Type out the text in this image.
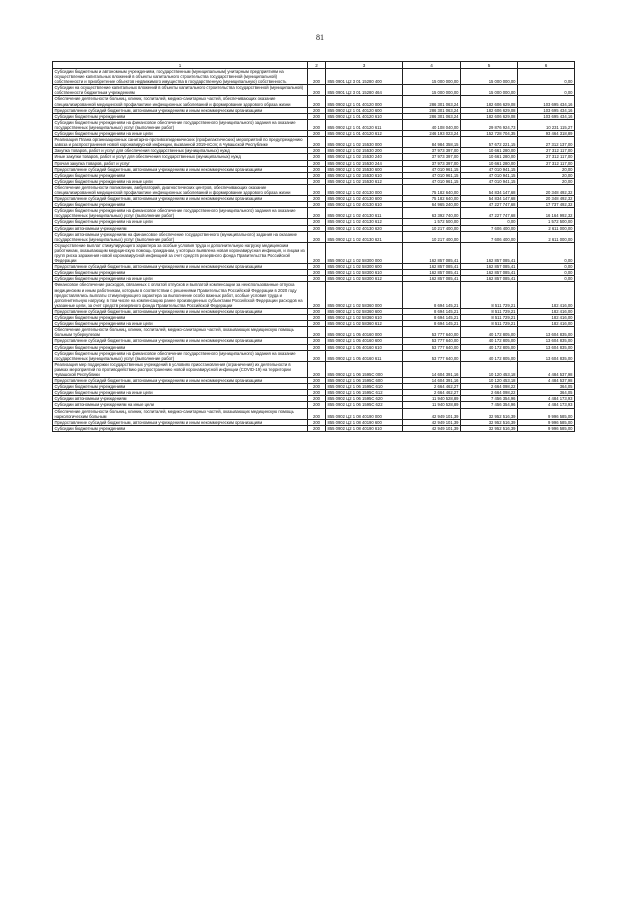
81
1	2	3	4	5	6
Субсидии бюджетным и автономным учреждениям, государственным (муниципальным) унитарным предприятиям на осуществление капитальных вложений в объекты капитального строительства государственной (муниципальной) собственности и приобретение объектов недвижимого имущества в государственную (муниципальную) собственность	200	855 0901 Ц2 3 01 15280 400	15 000 000,00	15 000 000,00	0,00
Субсидии на осуществление капитальных вложений в объекты капитального строительства государственной (муниципальной) собственности бюджетным учреждениям	200	855 0901 Ц2 3 01 15280 464	15 000 000,00	15 000 000,00	0,00
Обеспечение деятельности больниц, клиник, госпиталей, медико-санитарных частей, обеспечивающих оказание специализированной медицинской профилактике инфекционных заболеваний и формирование здорового образа жизни	200	855 0902 Ц2 1 01 40120 000	286 301 063,24	182 606 629,08	103 695 434,16
Предоставление субсидий бюджетным, автономным учреждениям и иным некоммерческим организациям	200	855 0902 Ц2 1 01 40120 600	286 301 063,24	182 606 629,08	103 695 434,16
Субсидии бюджетным учреждениям	200	855 0902 Ц2 1 01 40120 610	286 301 063,24	182 606 629,08	103 695 434,16
Субсидии бюджетным учреждениям на финансовое обеспечение государственного (муниципального) задания на оказание государственных (муниципальных) услуг (выполнение работ)	200	855 0902 Ц2 1 01 40120 611	40 108 040,00	29 876 924,73	10 231 115,27
Субсидии бюджетным учреждениям на иные цели	200	855 0902 Ц2 1 01 40120 612	246 193 023,24	152 728 704,35	93 464 318,89
Реализация Плана организационных санитарно-противоэпидемических (профилактических) мероприятий по предупреждению завоза и распространения новой коронавирусной инфекции, вызванной 2019-nCoV, в Чувашской Республике	200	855 0902 Ц2 1 02 15530 000	84 984 358,15	57 672 221,15	27 312 137,00
Закупка товаров, работ и услуг для обеспечения государственных (муниципальных) нужд	200	855 0902 Ц2 1 02 15530 200	37 973 397,00	10 661 280,00	27 312 117,00
Иные закупки товаров, работ и услуг для обеспечения государственных (муниципальных) нужд	200	855 0902 Ц2 1 02 15530 240	37 973 397,00	10 661 280,00	27 312 117,00
Прочая закупка товаров, работ и услуг	200	855 0902 Ц2 1 02 15530 244	37 973 397,00	10 661 280,00	27 312 117,00
Предоставление субсидий бюджетным, автономным учреждениям и иным некоммерческим организациям	200	855 0902 Ц2 1 02 15530 600	47 010 961,15	47 010 941,15	20,00
Субсидии бюджетным учреждениям	200	855 0902 Ц2 1 02 15530 610	47 010 961,15	47 010 941,15	20,00
Субсидии бюджетным учреждениям на иные цели	200	855 0902 Ц2 1 02 15530 612	47 010 961,15	47 010 941,15	20,00
Обеспечение деятельности поликлиник, амбулаторий, диагностических центров, обеспечивающих оказание специализированной медицинской профилактике инфекционных заболеваний и формирование здорового образа жизни	200	855 0902 Ц2 1 02 40130 000	75 182 640,00	54 834 147,68	20 348 492,32
Предоставление субсидий бюджетным, автономным учреждениям и иным некоммерческим организациям	200	855 0902 Ц2 1 02 40130 600	75 182 640,00	54 834 147,68	20 348 492,32
Субсидии бюджетным учреждениям	200	855 0902 Ц2 1 02 40130 610	64 965 240,00	47 227 747,68	17 737 492,32
Субсидии бюджетным учреждениям на финансовое обеспечение государственного (муниципального) задания на оказание государственных (муниципальных) услуг (выполнение работ)	200	855 0902 Ц2 1 02 40130 611	63 392 740,00	47 227 747,68	16 164 992,32
Субсидии бюджетным учреждениям на иные цели	200	855 0902 Ц2 1 02 40130 612	1 572 500,00	0,00	1 572 500,00
Субсидии автономным учреждениям	200	855 0902 Ц2 1 02 40130 620	10 217 400,00	7 606 400,00	2 611 000,00
Субсидии автономным учреждениям на финансовое обеспечение государственного (муниципального) задания на оказание государственных (муниципальных) услуг (выполнение работ)	200	855 0902 Ц2 1 02 40130 621	10 217 400,00	7 606 400,00	2 611 000,00
Осуществление выплат стимулирующего характера за особые условия труда и дополнительную нагрузку медицинским работникам, оказывающим медицинскую помощь гражданам, у которых выявлена новая коронавирусная инфекция, и лицам из групп риска заражения новой коронавирусной инфекцией за счет средств резервного фонда Правительства Российской Федерации	200	855 0902 Ц2 1 02 58300 000	162 857 085,41	162 857 085,41	0,00
Предоставление субсидий бюджетным, автономным учреждениям и иным некоммерческим организациям	200	855 0902 Ц2 1 02 58300 600	162 857 085,41	162 857 085,41	0,00
Субсидии бюджетным учреждениям	200	855 0902 Ц2 1 02 58300 610	162 857 085,41	162 857 085,41	0,00
Субсидии бюджетным учреждениям на иные цели	200	855 0902 Ц2 1 02 58300 612	162 857 085,41	162 857 085,41	0,00
Финансовое обеспечение расходов, связанных с оплатой отпусков и выплатой компенсации за неиспользованные отпуска медицинским и иным работникам, которым в соответствии с решениями Правительства Российской Федерации в 2020 году предоставлялись выплаты стимулирующего характера за выполнение особо важных работ, особые условия труда и дополнительную нагрузку, в том числе на компенсацию ранее произведенных субъектами Российской Федерации расходов на указанные цели, за счет средств резервного фонда Правительства Российской Федерации	200	855 0902 Ц2 1 02 58360 000	8 694 145,21	8 511 729,21	182 416,00
Предоставление субсидий бюджетным, автономным учреждениям и иным некоммерческим организациям	200	855 0902 Ц2 1 02 58360 600	8 694 145,21	8 511 729,21	182 416,00
Субсидии бюджетным учреждениям	200	855 0902 Ц2 1 02 58360 610	8 694 145,21	8 511 729,21	182 416,00
Субсидии бюджетным учреждениям на иные цели	200	855 0902 Ц2 1 02 58360 612	8 694 145,21	8 511 729,21	182 416,00
Обеспечение деятельности больниц, клиник, госпиталей, медико-санитарных частей, оказывающих медицинскую помощь больным туберкулезом	200	855 0902 Ц2 1 05 40160 000	53 777 640,00	40 172 805,00	13 604 835,00
Предоставление субсидий бюджетным, автономным учреждениям и иным некоммерческим организациям	200	855 0902 Ц2 1 05 40160 600	53 777 640,00	40 172 805,00	13 604 835,00
Субсидии бюджетным учреждениям	200	855 0902 Ц2 1 05 40160 610	53 777 640,00	40 172 805,00	13 604 835,00
Субсидии бюджетным учреждениям на финансовое обеспечение государственного (муниципального) задания на оказание государственных (муниципальных) услуг (выполнение работ)	200	855 0902 Ц2 1 05 40160 611	53 777 640,00	40 172 805,00	13 604 835,00
Реализация мер поддержки государственных учреждений в условиях приостановления (ограничения) их деятельности в рамках мероприятий по противодействию распространению новой коронавирусной инфекции (COVID-19) на территории Чувашской Республики	200	855 0902 Ц2 1 06 1595C 000	14 604 391,16	10 120 453,18	4 484 537,98
Предоставление субсидий бюджетным, автономным учреждениям и иным некоммерческим организациям	200	855 0902 Ц2 1 06 1595C 600	14 604 391,16	10 120 453,18	4 484 537,98
Субсидии бюджетным учреждениям	200	855 0902 Ц2 1 06 1595C 610	2 664 462,27	2 664 098,22	364,05
Субсидии бюджетным учреждениям на иные цели	200	855 0902 Ц2 1 06 1595C 612	2 664 462,27	2 664 098,22	364,05
Субсидии автономным учреждениям	200	855 0902 Ц2 1 06 1595C 620	11 940 528,89	7 456 354,96	4 484 173,93
Субсидии автономным учреждениям на иные цели	200	855 0902 Ц2 1 06 1595C 622	11 940 528,89	7 456 354,96	4 484 173,93
Обеспечение деятельности больниц, клиник, госпиталей, медико-санитарных частей, оказывающих медицинскую помощь наркологическим больным	200	855 0902 Ц2 1 08 40190 000	42 949 101,39	32 952 516,39	9 996 585,00
Предоставление субсидий бюджетным, автономным учреждениям и иным некоммерческим организациям	200	855 0902 Ц2 1 08 40190 600	42 949 101,39	32 952 516,39	9 996 585,00
Субсидии бюджетным учреждениям	200	855 0902 Ц2 1 08 40190 610	42 949 101,39	32 952 516,39	9 996 585,00
